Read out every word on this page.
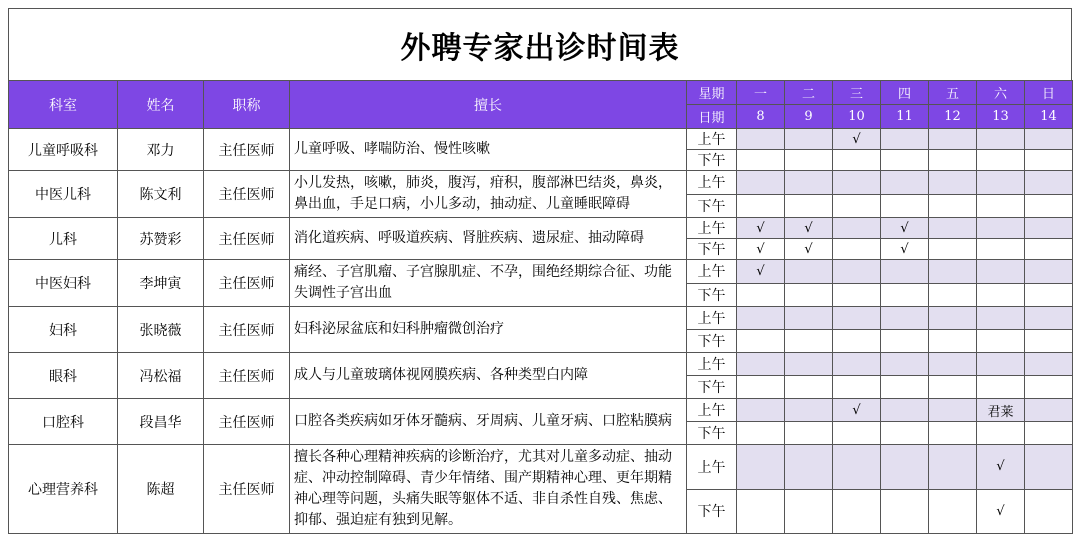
外聘专家出诊时间表
科室	姓名	职称	擅长	星期	一	二	三	四	五	六	日
				日期	8	9	10	11	12	13	14
儿童呼吸科	邓力	主任医师	儿童呼吸、哮喘防治、慢性咳嗽	上午			√				
				下午							
中医儿科	陈文利	主任医师	小儿发热，咳嗽，肺炎，腹泻，疳积，腹部淋巴结炎，鼻炎，鼻出血，手足口病，小儿多动，抽动症、儿童睡眠障碍	上午							
				下午							
儿科	苏赞彩	主任医师	消化道疾病、呼吸道疾病、肾脏疾病、遗尿症、抽动障碍	上午	√	√		√			
				下午	√	√		√			
中医妇科	李坤寅	主任医师	痛经、子宫肌瘤、子宫腺肌症、不孕，围绝经期综合征、功能失调性子宫出血	上午	√						
				下午							
妇科	张晓薇	主任医师	妇科泌尿盆底和妇科肿瘤微创治疗	上午							
				下午							
眼科	冯松福	主任医师	成人与儿童玻璃体视网膜疾病、各种类型白内障	上午							
				下午							
口腔科	段昌华	主任医师	口腔各类疾病如牙体牙髓病、牙周病、儿童牙病、口腔粘膜病	上午			√			君莱	
				下午							
心理营养科	陈超	主任医师	擅长各种心理精神疾病的诊断治疗，尤其对儿童多动症、抽动症、冲动控制障碍、青少年情绪、围产期精神心理、更年期精神心理等问题，头痛失眠等躯体不适、非自杀性自残、焦虑、抑郁、强迫症有独到见解。	上午						√	
				下午						√	
